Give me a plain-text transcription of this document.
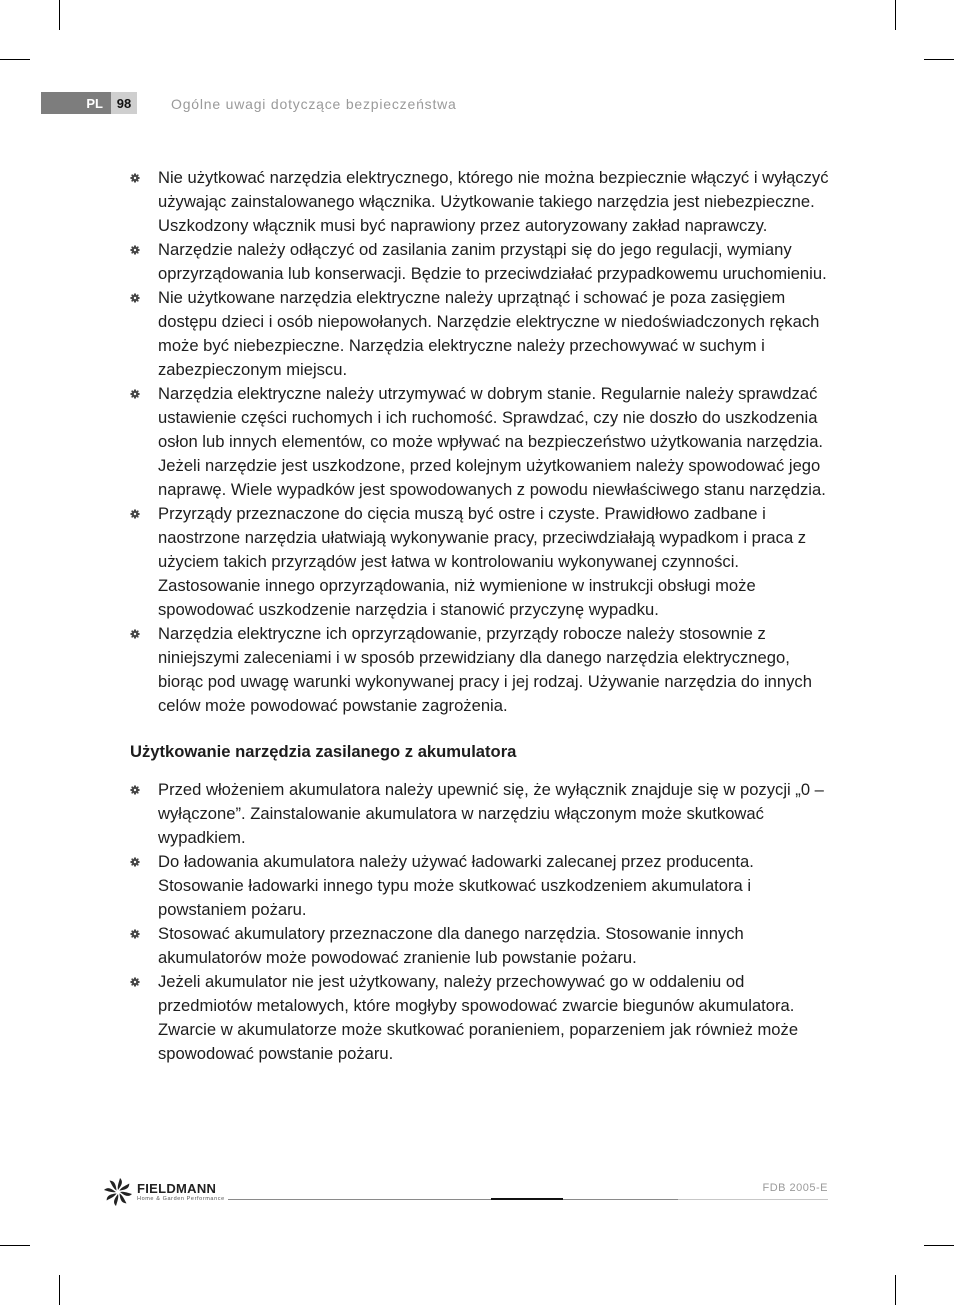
PL	98	Ogólne uwagi dotyczące bezpieczeństwa
Nie użytkować narzędzia elektrycznego, którego nie można bezpiecznie włączyć i wyłączyć używając zainstalowanego włącznika. Użytkowanie takiego narzędzia jest niebezpieczne. Uszkodzony włącznik musi być naprawiony przez autoryzowany zakład naprawczy.
Narzędzie należy odłączyć od zasilania zanim przystąpi się do jego regulacji, wymiany oprzyrządowania lub konserwacji. Będzie to przeciwdziałać przypadkowemu uruchomieniu.
Nie użytkowane narzędzia elektryczne należy uprzątnąć i schować je poza zasięgiem dostępu dzieci i osób niepowołanych. Narzędzie elektryczne w niedoświadczonych rękach może być niebezpieczne. Narzędzia elektryczne należy przechowywać w suchym i zabezpieczonym miejscu.
Narzędzia elektryczne należy utrzymywać w dobrym stanie. Regularnie należy sprawdzać ustawienie części ruchomych i ich ruchomość. Sprawdzać, czy nie doszło do uszkodzenia osłon lub innych elementów, co może wpływać na bezpieczeństwo użytkowania narzędzia. Jeżeli narzędzie jest uszkodzone, przed kolejnym użytkowaniem należy spowodować jego naprawę. Wiele wypadków jest spowodowanych z powodu niewłaściwego stanu narzędzia.
Przyrządy przeznaczone do cięcia muszą być ostre i czyste. Prawidłowo zadbane i naostrzone narzędzia ułatwiają wykonywanie pracy, przeciwdziałają wypadkom i praca z użyciem takich przyrządów jest łatwa w kontrolowaniu wykonywanej czynności. Zastosowanie innego oprzyrządowania, niż wymienione w instrukcji obsługi może spowodować uszkodzenie narzędzia i stanowić przyczynę wypadku.
Narzędzia elektryczne ich oprzyrządowanie, przyrządy robocze należy stosownie z niniejszymi zaleceniami i w sposób przewidziany dla danego narzędzia elektrycznego, biorąc pod uwagę warunki wykonywanej pracy i jej rodzaj. Używanie narzędzia do innych celów może powodować powstanie zagrożenia.
Użytkowanie narzędzia zasilanego z akumulatora
Przed włożeniem akumulatora należy upewnić się, że wyłącznik znajduje się w pozycji „0 – wyłączone”. Zainstalowanie akumulatora w narzędziu włączonym może skutkować wypadkiem.
Do ładowania akumulatora należy używać ładowarki zalecanej przez producenta. Stosowanie ładowarki innego typu może skutkować uszkodzeniem akumulatora i powstaniem pożaru.
Stosować akumulatory przeznaczone dla danego narzędzia. Stosowanie innych akumulatorów może powodować zranienie lub powstanie pożaru.
Jeżeli akumulator nie jest użytkowany, należy przechowywać go w oddaleniu od przedmiotów metalowych, które mogłyby spowodować zwarcie biegunów akumulatora. Zwarcie w akumulatorze może skutkować poranieniem, poparzeniem jak również może spowodować powstanie pożaru.
FIELDMANN
Home & Garden Performance
FDB 2005-E
